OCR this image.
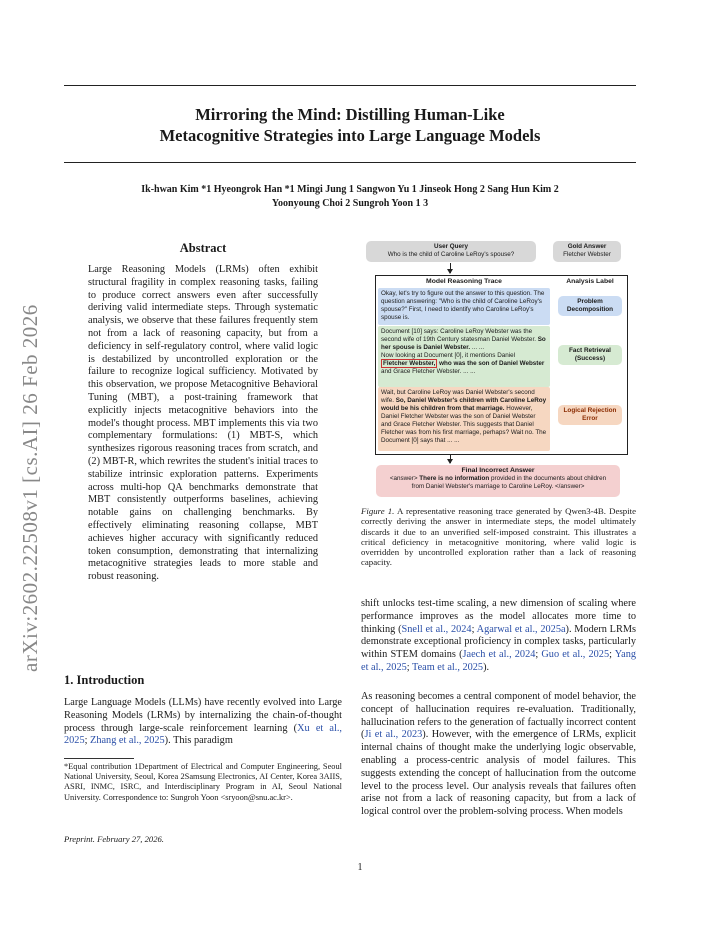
arXiv:2602.22508v1 [cs.AI] 26 Feb 2026
Mirroring the Mind: Distilling Human-Like
Metacognitive Strategies into Large Language Models
Ik-hwan Kim *1 Hyeongrok Han *1 Mingi Jung 1 Sangwon Yu 1 Jinseok Hong 2 Sang Hun Kim 2
Yoonyoung Choi 2 Sungroh Yoon 1 3
Abstract
Large Reasoning Models (LRMs) often exhibit structural fragility in complex reasoning tasks, failing to produce correct answers even after successfully deriving valid intermediate steps. Through systematic analysis, we observe that these failures frequently stem not from a lack of reasoning capacity, but from a deficiency in self-regulatory control, where valid logic is destabilized by uncontrolled exploration or the failure to recognize logical sufficiency. Motivated by this observation, we propose Metacognitive Behavioral Tuning (MBT), a post-training framework that explicitly injects metacognitive behaviors into the model's thought process. MBT implements this via two complementary formulations: (1) MBT-S, which synthesizes rigorous reasoning traces from scratch, and (2) MBT-R, which rewrites the student's initial traces to stabilize intrinsic exploration patterns. Experiments across multi-hop QA benchmarks demonstrate that MBT consistently outperforms baselines, achieving notable gains on challenging benchmarks. By effectively eliminating reasoning collapse, MBT achieves higher accuracy with significantly reduced token consumption, demonstrating that internalizing metacognitive strategies leads to more stable and robust reasoning.
1. Introduction
Large Language Models (LLMs) have recently evolved into Large Reasoning Models (LRMs) by internalizing the chain-of-thought process through large-scale reinforcement learning (Xu et al., 2025; Zhang et al., 2025). This paradigm
*Equal contribution 1Department of Electrical and Computer Engineering, Seoul National University, Seoul, Korea 2Samsung Electronics, AI Center, Korea 3AIIS, ASRI, INMC, ISRC, and Interdisciplinary Program in AI, Seoul National University. Correspondence to: Sungroh Yoon <sryoon@snu.ac.kr>.
Preprint. February 27, 2026.
User Query
Who is the child of Caroline LeRoy's spouse?
Gold Answer
Fletcher Webster
Model Reasoning Trace	Analysis Label
Okay, let's try to figure out the answer to this question. The question answering: "Who is the child of Caroline LeRoy's spouse?" First, I need to identify who Caroline LeRoy's spouse is.
Document [10] says: Caroline LeRoy Webster was the second wife of 19th Century statesman Daniel Webster. So her spouse is Daniel Webster. ... ...
Now looking at Document [0], it mentions Daniel
Fletcher Webster, who was the son of Daniel Webster and Grace Fletcher Webster. ... ...
Wait, but Caroline LeRoy was Daniel Webster's second wife. So, Daniel Webster's children with Caroline LeRoy would be his children from that marriage. However, Daniel Fletcher Webster was the son of Daniel Webster and Grace Fletcher Webster. This suggests that Daniel Fletcher was from his first marriage, perhaps? Wait no. The Document [0] says that ... ...
Problem Decomposition
Fact Retrieval (Success)
Logical Rejection Error
Final Incorrect Answer
<answer> There is no information provided in the documents about children from Daniel Webster's marriage to Caroline LeRoy. </answer>
Figure 1. A representative reasoning trace generated by Qwen3-4B. Despite correctly deriving the answer in intermediate steps, the model ultimately discards it due to an unverified self-imposed constraint. This illustrates a critical deficiency in metacognitive monitoring, where valid logic is overridden by uncontrolled exploration rather than a lack of reasoning capacity.
shift unlocks test-time scaling, a new dimension of scaling where performance improves as the model allocates more time to thinking (Snell et al., 2024; Agarwal et al., 2025a). Modern LRMs demonstrate exceptional proficiency in complex tasks, particularly within STEM domains (Jaech et al., 2024; Guo et al., 2025; Yang et al., 2025; Team et al., 2025).
As reasoning becomes a central component of model behavior, the concept of hallucination requires re-evaluation. Traditionally, hallucination refers to the generation of factually incorrect content (Ji et al., 2023). However, with the emergence of LRMs, explicit internal chains of thought make the underlying logic observable, enabling a process-centric analysis of model failures. This suggests extending the concept of hallucination from the outcome level to the process level. Our analysis reveals that failures often arise not from a lack of reasoning capacity, but from a lack of logical control over the problem-solving process. When models
1
